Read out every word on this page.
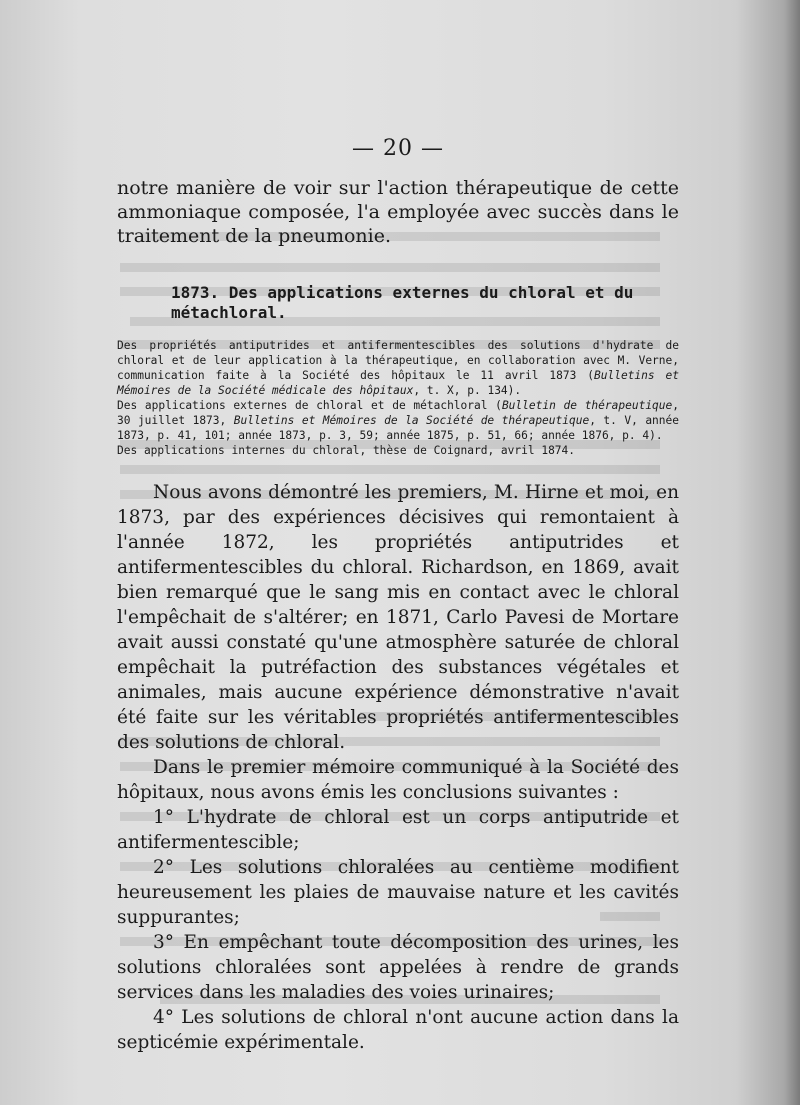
— 20 —

notre manière de voir sur l'action thérapeutique de cette ammoniaque composée, l'a employée avec succès dans le traitement de la pneumonie.

1873. Des applications externes du chloral et du métachloral.
Des propriétés antiputrides et antifermentescibles des solutions d'hydrate de chloral et de leur application à la thérapeutique, en collaboration avec M. Verne, communication faite à la Société des hôpitaux le 11 avril 1873 (Bulletins et Mémoires de la Société médicale des hôpitaux, t. X, p. 134).
Des applications externes de chloral et de métachloral (Bulletin de thérapeutique, 30 juillet 1873, Bulletins et Mémoires de la Société de thérapeutique, t. V, année 1873, p. 41, 101; année 1873, p. 3, 59; année 1875, p. 51, 66; année 1876, p. 4).
Des applications internes du chloral, thèse de Coignard, avril 1874.

Nous avons démontré les premiers, M. Hirne et moi, en 1873, par des expériences décisives qui remontaient à l'année 1872, les propriétés antiputrides et antifermentescibles du chloral. Richardson, en 1869, avait bien remarqué que le sang mis en contact avec le chloral l'empêchait de s'altérer; en 1871, Carlo Pavesi de Mortare avait aussi constaté qu'une atmosphère saturée de chloral empêchait la putréfaction des substances végétales et animales, mais aucune expérience démonstrative n'avait été faite sur les véritables propriétés antifermentescibles des solutions de chloral.

Dans le premier mémoire communiqué à la Société des hôpitaux, nous avons émis les conclusions suivantes :

1° L'hydrate de chloral est un corps antiputride et antifermentescible;

2° Les solutions chloralées au centième modifient heureusement les plaies de mauvaise nature et les cavités suppurantes;

3° En empêchant toute décomposition des urines, les solutions chloralées sont appelées à rendre de grands services dans les maladies des voies urinaires;

4° Les solutions de chloral n'ont aucune action dans la septicémie expérimentale.
